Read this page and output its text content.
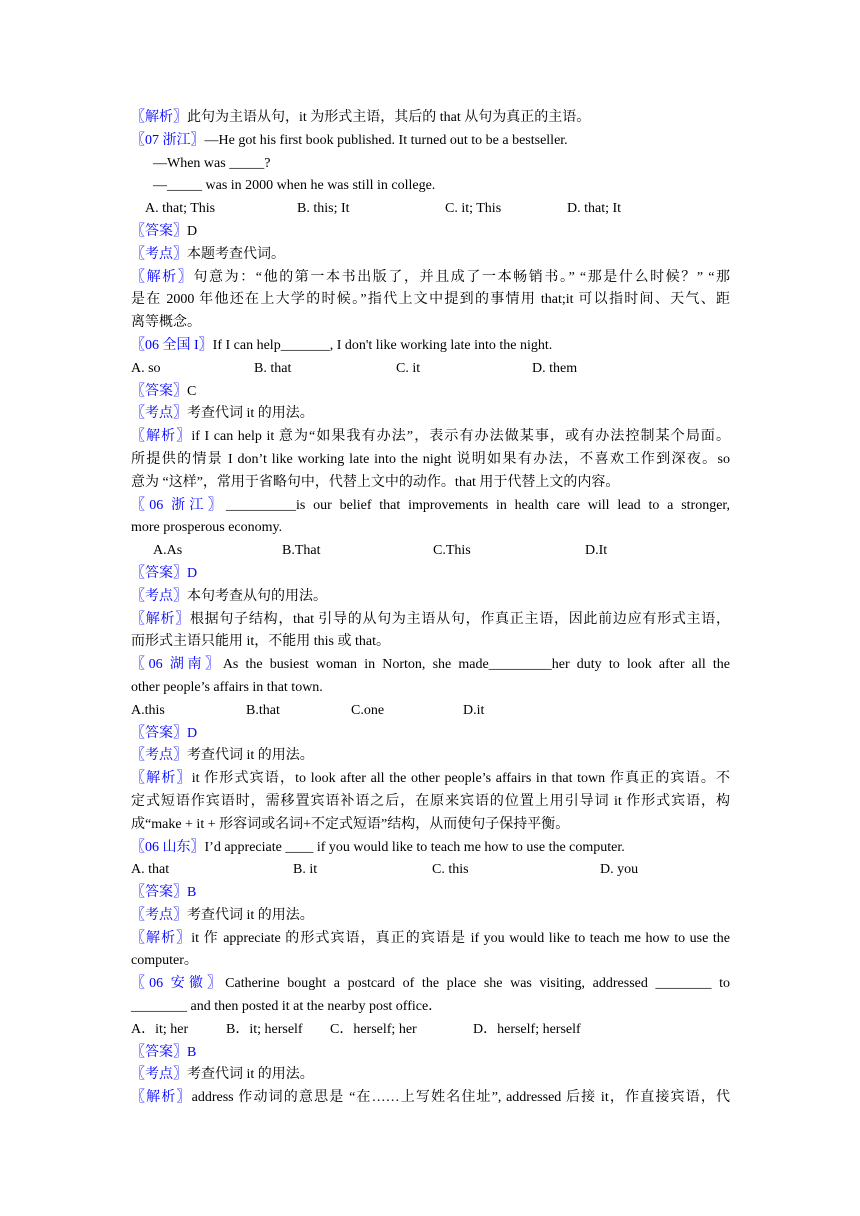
〖解析〗此句为主语从句，it 为形式主语，其后的 that 从句为真正的主语。
〖07 浙江〗—He got his first book published. It turned out to be a bestseller.
—When was _____?
—_____ was in 2000 when he was still in college.
A. that; This	B. this; It	C. it; This	D. that; It
〖答案〗D
〖考点〗本题考查代词。
〖解析〗句意为：“他的第一本书出版了，并且成了一本畅销书。” “那是什么时候？” “那
是在 2000 年他还在上大学的时候。”指代上文中提到的事情用 that;it 可以指时间、天气、距
离等概念。
〖06 全国 I〗If I can help_______, I don't like working late into the night.
A. so	B. that	C. it	D. them
〖答案〗C
〖考点〗考查代词 it 的用法。
〖解析〗if I can help it 意为“如果我有办法”，表示有办法做某事，或有办法控制某个局面。
所提供的情景 I don’t like working late into the night 说明如果有办法，不喜欢工作到深夜。so
意为 “这样”，常用于省略句中，代替上文中的动作。that 用于代替上文的内容。
〖06 浙江〗__________is our belief that improvements in health care will lead to a stronger,
more prosperous economy.
A.As	B.That	C.This	D.It
〖答案〗D
〖考点〗本句考查从句的用法。
〖解析〗根据句子结构，that 引导的从句为主语从句，作真正主语，因此前边应有形式主语，
而形式主语只能用 it，不能用 this 或 that。
〖06 湖南〗As the busiest woman in Norton, she made_________her duty to look after all the
other people’s affairs in that town.
A.this	B.that	C.one	D.it
〖答案〗D
〖考点〗考查代词 it 的用法。
〖解析〗it 作形式宾语，to look after all the other people’s affairs in that town 作真正的宾语。不
定式短语作宾语时，需移置宾语补语之后，在原来宾语的位置上用引导词 it 作形式宾语，构
成“make + it + 形容词或名词+不定式短语”结构，从而使句子保持平衡。
〖06 山东〗I’d appreciate ____ if you would like to teach me how to use the computer.
A. that	B. it	C. this	D. you
〖答案〗B
〖考点〗考查代词 it 的用法。
〖解析〗it 作 appreciate 的形式宾语，真正的宾语是 if you would like to teach me how to use the
computer。
〖06 安徽〗Catherine bought a postcard of the place she was visiting, addressed ________ to
________ and then posted it at the nearby post office．
A．it; her	B．it; herself C．herself; her	D．herself; herself
〖答案〗B
〖考点〗考查代词 it 的用法。
〖解析〗address 作动词的意思是 “在……上写姓名住址”, addressed 后接 it，作直接宾语，代
